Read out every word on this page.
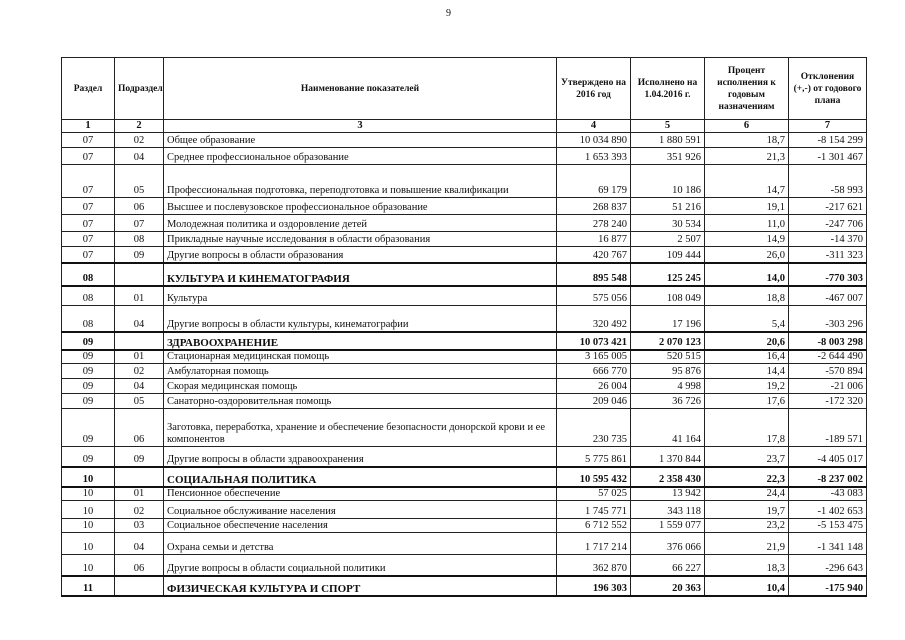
9
Раздел	Подраздел	Наименование показателей	Утверждено на 2016 год	Исполнено на 1.04.2016 г.	Процент исполнения к годовым назначениям	Отклонения (+,-) от годового плана
1	2	3	4	5	6	7
07	02	Общее образование	10 034 890	1 880 591	18,7	-8 154 299
07	04	Среднее профессиональное образование	1 653 393	351 926	21,3	-1 301 467
07	05	Профессиональная подготовка, переподготовка и повышение квалификации	69 179	10 186	14,7	-58 993
07	06	Высшее и послевузовское профессиональное образование	268 837	51 216	19,1	-217 621
07	07	Молодежная политика и оздоровление детей	278 240	30 534	11,0	-247 706
07	08	Прикладные научные исследования в области образования	16 877	2 507	14,9	-14 370
07	09	Другие вопросы в области образования	420 767	109 444	26,0	-311 323
08		КУЛЬТУРА И КИНЕМАТОГРАФИЯ	895 548	125 245	14,0	-770 303
08	01	Культура	575 056	108 049	18,8	-467 007
08	04	Другие вопросы в области культуры, кинематографии	320 492	17 196	5,4	-303 296
09		ЗДРАВООХРАНЕНИЕ	10 073 421	2 070 123	20,6	-8 003 298
09	01	Стационарная медицинская помощь	3 165 005	520 515	16,4	-2 644 490
09	02	Амбулаторная помощь	666 770	95 876	14,4	-570 894
09	04	Скорая медицинская помощь	26 004	4 998	19,2	-21 006
09	05	Санаторно-оздоровительная помощь	209 046	36 726	17,6	-172 320
09	06	Заготовка, переработка, хранение и обеспечение безопасности донорской крови и ее компонентов	230 735	41 164	17,8	-189 571
09	09	Другие вопросы в области здравоохранения	5 775 861	1 370 844	23,7	-4 405 017
10		СОЦИАЛЬНАЯ ПОЛИТИКА	10 595 432	2 358 430	22,3	-8 237 002
10	01	Пенсионное обеспечение	57 025	13 942	24,4	-43 083
10	02	Социальное обслуживание населения	1 745 771	343 118	19,7	-1 402 653
10	03	Социальное обеспечение населения	6 712 552	1 559 077	23,2	-5 153 475
10	04	Охрана семьи и детства	1 717 214	376 066	21,9	-1 341 148
10	06	Другие вопросы в области социальной политики	362 870	66 227	18,3	-296 643
11		ФИЗИЧЕСКАЯ КУЛЬТУРА И СПОРТ	196 303	20 363	10,4	-175 940
